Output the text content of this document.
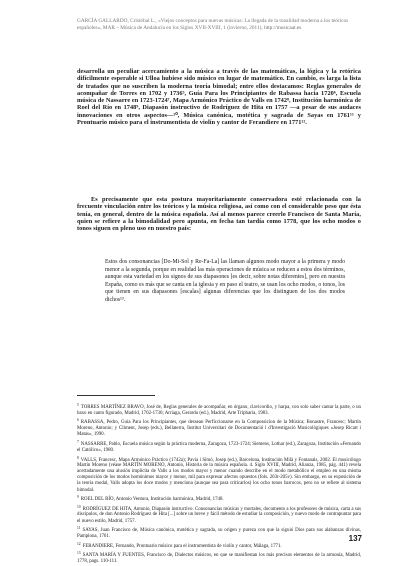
GARCÍA GALLARDO, Cristóbal L., «Viejos conceptos para nuevas músicas: La llegada de la tonalidad moderna a los teóricos españoles», MAR – Música de Andalucía en los Siglos XVII-XVIII, 1 (invierno, 2011), http://musicaat.es
desarrolla un peculiar acercamiento a la música a través de las matemáticas, la lógica y la retórica difícilmente esperable si Ulloa hubiese sido músico en lugar de matemático. En cambio, es larga la lista de tratados que no suscriben la moderna teoría bimodal; entre ellos destacamos: Reglas generales de acompañar de Torres en 1702 y 1736⁵, Guía Para los Principiantes de Rabassa hacia 1720⁶, Escuela música de Nassarre en 1723-1724⁷, Mapa Armónico Práctico de Valls en 1742⁸, Institución harmónica de Roel del Río en 1748⁹, Diapasón instructivo de Rodríguez de Hita en 1757 —a pesar de sus audaces innovaciones en otros aspectos—¹⁰, Música canónica, motética y sagrada de Sayas en 1761¹¹ y Prontuario músico para el instrumentista de violín y cantor de Ferandiere en 1771¹².
Es precisamente que esta postura mayoritariamente conservadora esté relacionada con la frecuente vinculación entre los teóricos y la música religiosa, así como con el considerable peso que ésta tenía, en general, dentro de la música española. Así al menos parece creerlo Francisco de Santa María, quien se refiere a la bimodalidad pero apunta, en fecha tan tardía como 1778, que los ocho modos o tonos siguen en pleno uso en nuestro país:
Estos dos consonancias [Do-Mi-Sol y Re-Fa-La] las llaman algunos modo mayor a la primera y modo menor a la segunda, porque en realidad las más operaciones de música se reducen a estos dos términos, aunque esta variedad en los signos de sus diapasones [es decir, sobre notas diferentes], pero en nuestra España, como es más que se canta en la iglesia y en paso el teatro, se usan los ocho modos, o tonos, los que tienen en sus diapasones [escalas] algunas diferencias que los distinguen de los dos modos dichos¹³.
$^5$ TORRES MARTÍNEZ BRAVO, José de, Reglas generales de acompañar, en órgano, clavicordio, y harpa, con solo saber cantar la parte, o un baxo en canto figurado, Madrid, 1702-1736; Arriaga, Gerardo (ed.), Madrid, Arte Tripharia, 1983.
$^6$ RABASSA, Pedro, Guía Para los Principiantes, que dessean Perficcionarse en la Compossicion de la Música; Bonastre, Francesc; Martín Moreno, Antonio; y Climent, Josep (eds.), Bellaterra, Institut Universitari de Documentació i d'Investigació Musicològiques «Josep Ricart i Matas», 1990.
$^7$ NASSARRE, Pablo, Escuela música según la práctica moderna, Zaragoza, 1723-1724; Siemens, Lothar (ed.), Zaragoza, Institución «Fernando el Católico», 1980.
$^8$ VALLS, Francesc, Mapa Armónico Práctico (1742a); Pavia i Simó, Josep (ed.), Barcelona, Institución Milà y Fontanals, 2002. El musicólogo Martín Moreno (véase MARTÍN MORENO, Antonio, Historia de la música española. 4. Siglo XVIII, Madrid, Alianza, 1985, pág. 441) revela acertadamente una alusión implícita de Valls a los modos mayor y menor cuando describe en el modo metabólico el empleo en una misma composición de los modos homónimos mayor y menor, mil para expresar afectos opuestos (fols. 203r-205v). Sin embargo, en su exposición de la teoría modal, Valls adopta los doce modos y menciona (aunque sea para criticarlos) los ocho tonos barrocos, pero no se refiere al sistema bimodal.
$^9$ ROEL DEL RÍO, Antonio Ventura, Institución harmónica, Madrid, 1748.
$^{10}$ RODRÍGUEZ DE HITA, Antonio, Diapasón instructivo. Consonancias músicas y mortales, documento a los profesores de música, carta a sus discípulos, de don Antonio Rodríguez de Hita [...] sobre un breve y fácil método de estudiar la composición, y nuevo modo de contrapuntar para el nuevo estilo, Madrid, 1757.
$^{11}$ SAYAS, Juan Francisco de, Música canónica, motética y sagrada, su origen y pureza con que la siguió Dios para sus alabanzas divinas, Pamplona, 1761.
$^{12}$ FERANDIERE, Fernando, Prontuario músico para el instrumentista de violín y cantor, Málaga, 1771.
$^{13}$ SANTA MARÍA Y FUENTES, Francisco de, Dialectos músicos, en que se manifiestan los más precisos elementos de la armonía, Madrid, 1778, pags. 110-111.
137
